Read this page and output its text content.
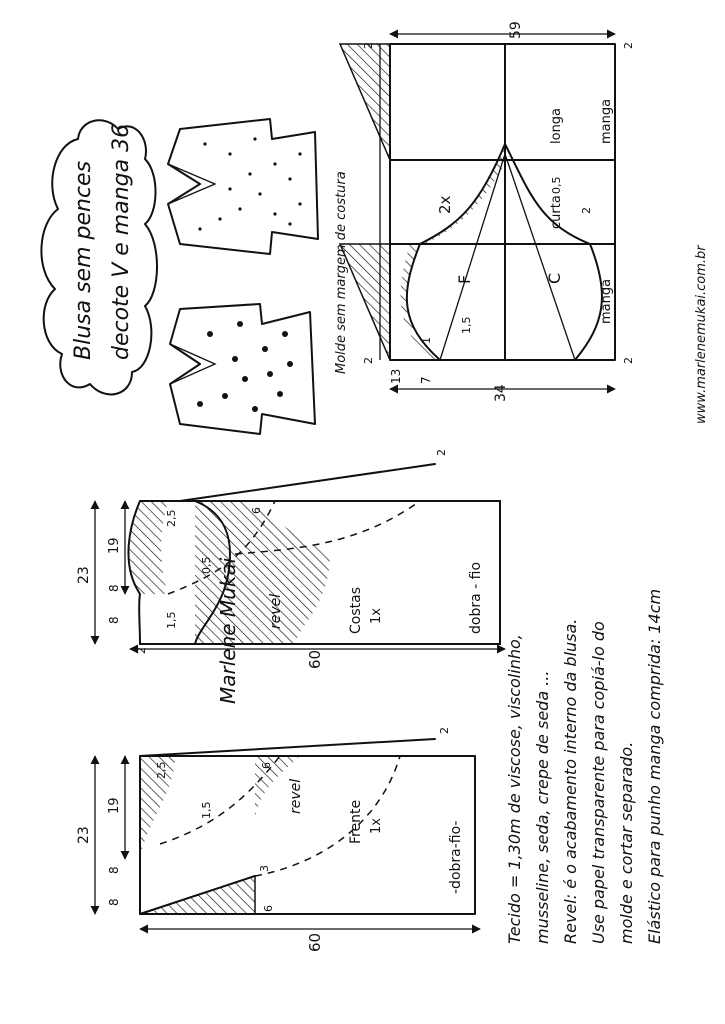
Blusa sem pences decote V e manga 36	Molde sem margem de costura
59
34
13 7
F	C
1,5
1
2
0,5
curta
longa
manga
manga
2x
2
2
2
2
www.marlenemukai.com.br
Costas 1x
revel	dobra - fio
60
19
23
8
8
2,5	6
0,5
1,5
2
2	Marlene Mukai
Frente 1x
revel
-dobra-fio-
60
19
23
8
8
2,5	6
6
1,5
3
2	Tecido = 1,30m de viscose, viscolinho, musseline, seda, crepe de seda ... Revel: é o acabamento interno da blusa. Use papel transparente para copiá-lo do molde e cortar separado. Elástico para punho manga comprida: 14cm
